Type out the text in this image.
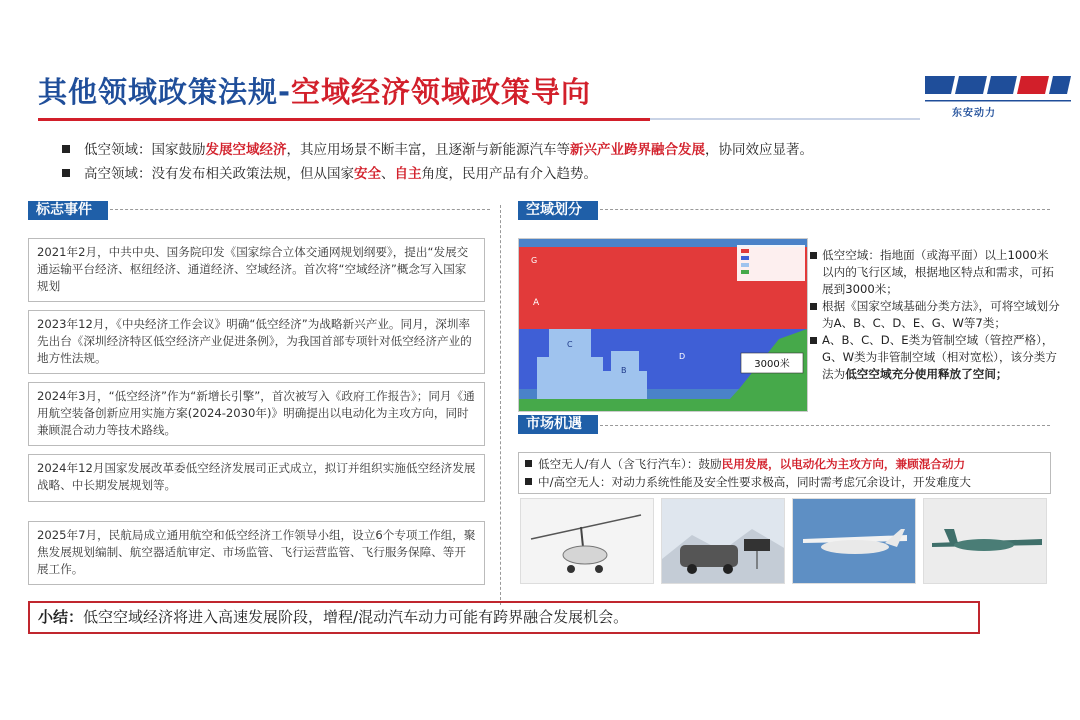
其他领域政策法规-空域经济领域政策导向
东安动力
低空领域：国家鼓励发展空域经济，其应用场景不断丰富，且逐渐与新能源汽车等新兴产业跨界融合发展，协同效应显著。
高空领域：没有发布相关政策法规，但从国家安全、自主角度，民用产品有介入趋势。
标志事件	空域划分
市场机遇
2021年2月，中共中央、国务院印发《国家综合立体交通网规划纲要》，提出“发展交通运输平台经济、枢纽经济、通道经济、空域经济。首次将“空域经济”概念写入国家规划
2023年12月，《中央经济工作会议》明确“低空经济”为战略新兴产业。同月，深圳率先出台《深圳经济特区低空经济产业促进条例》，为我国首部专项针对低空经济产业的地方性法规。
2024年3月，“低空经济”作为“新增长引擎”，首次被写入《政府工作报告》；同月《通用航空装备创新应用实施方案(2024-2030年)》明确提出以电动化为主攻方向，同时兼顾混合动力等技术路线。
2024年12月国家发展改革委低空经济发展司正式成立，拟订并组织实施低空经济发展战略、中长期发展规划等。
2025年7月，民航局成立通用航空和低空经济工作领导小组，设立6个专项工作组，聚焦发展规划编制、航空器适航审定、市场监管、飞行运营监管、飞行服务保障、等开展工作。
G
A
C
B
D
3000米
低空空域：指地面（或海平面）以上1000米以内的飞行区域，根据地区特点和需求，可拓展到3000米；
根据《国家空域基础分类方法》，可将空域划分为A、B、C、D、E、G、W等7类；
A、B、C、D、E类为管制空域（管控严格），G、W类为非管制空域（相对宽松），该分类方法为低空空域充分使用释放了空间；
低空无人/有人（含飞行汽车）：鼓励民用发展，以电动化为主攻方向，兼顾混合动力
中/高空无人：对动力系统性能及安全性要求极高，同时需考虑冗余设计，开发难度大
小结：低空空域经济将进入高速发展阶段，增程/混动汽车动力可能有跨界融合发展机会。
